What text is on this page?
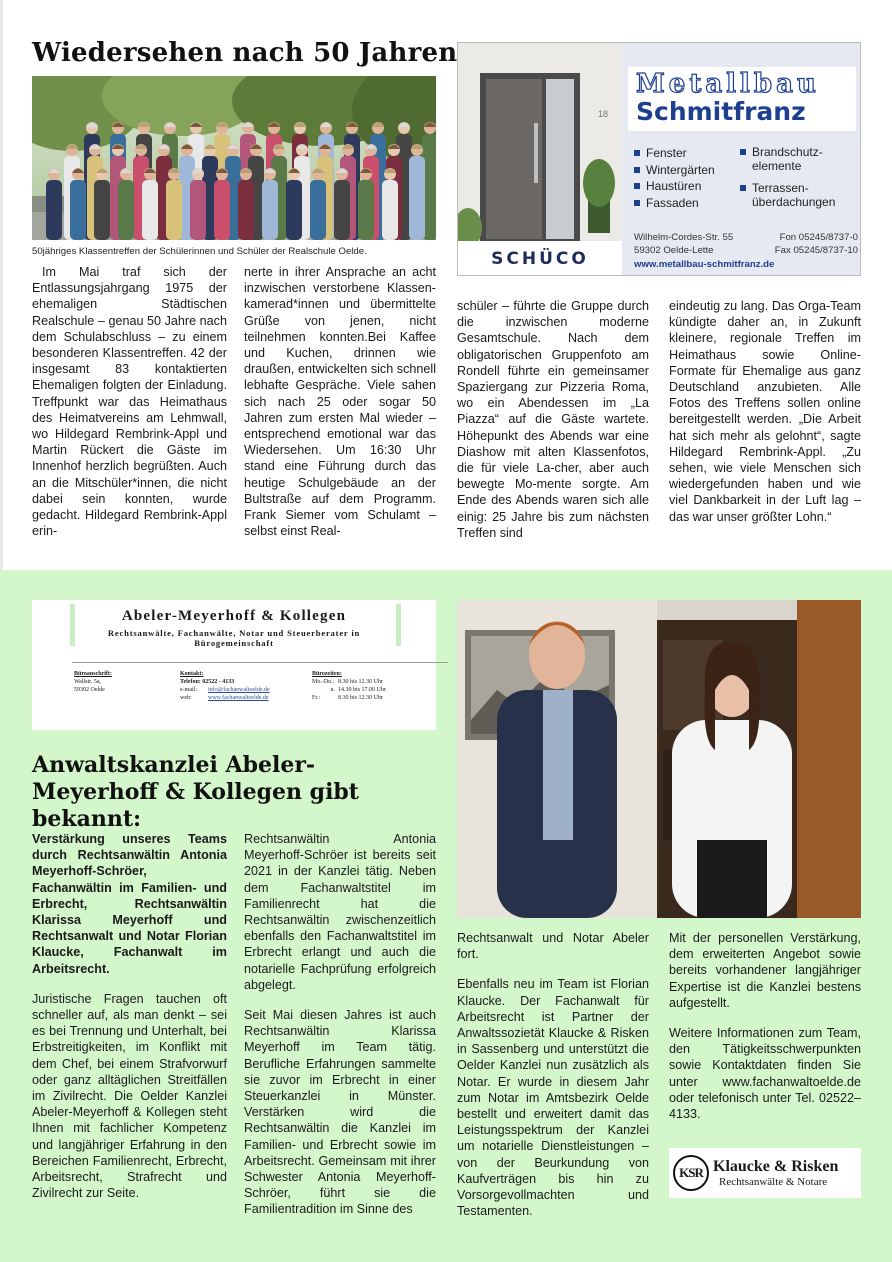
Wiedersehen nach 50 Jahren
50jähriges Klassentreffen der Schülerinnen und Schüler der Realschule Oelde.

Im Mai traf sich der Entlassungsjahrgang 1975 der ehemaligen Städtischen Realschule – genau 50 Jahre nach dem Schulabschluss – zu einem besonderen Klassentreffen. 42 der insgesamt 83 kontaktierten Ehemaligen folgten der Einladung. Treffpunkt war das Heimathaus des Heimatvereins am Lehmwall, wo Hildegard Rembrink-Appl und Martin Rückert die Gäste im Innenhof herzlich begrüßten. Auch an die Mitschüler*innen, die nicht dabei sein konnten, wurde gedacht. Hildegard Rembrink-Appl erin-

nerte in ihrer Ansprache an acht inzwischen verstorbene Klassen-kamerad*innen und übermittelte Grüße von jenen, nicht teilnehmen konnten.Bei Kaffee und Kuchen, drinnen wie draußen, entwickelten sich schnell lebhafte Gespräche. Viele sahen sich nach 25 oder sogar 50 Jahren zum ersten Mal wieder – entsprechend emotional war das Wiedersehen. Um 16:30 Uhr stand eine Führung durch das heutige Schulgebäude an der Bultstraße auf dem Programm. Frank Siemer vom Schulamt – selbst einst Real-

schüler – führte die Gruppe durch die inzwischen moderne Gesamtschule. Nach dem obligatorischen Gruppenfoto am Rondell führte ein gemeinsamer Spaziergang zur Pizzeria Roma, wo ein Abendessen im „La Piazza“ auf die Gäste wartete. Höhepunkt des Abends war eine Diashow mit alten Klassenfotos, die für viele La-cher, aber auch bewegte Mo-mente sorgte. Am Ende des Abends waren sich alle einig: 25 Jahre bis zum nächsten Treffen sind

eindeutig zu lang. Das Orga-Team kündigte daher an, in Zukunft kleinere, regionale Treffen im Heimathaus sowie Online-Formate für Ehemalige aus ganz Deutschland anzubieten. Alle Fotos des Treffens sollen online bereitgestellt werden. „Die Arbeit hat sich mehr als gelohnt“, sagte Hildegard Rembrink-Appl. „Zu sehen, wie viele Menschen sich wiedergefunden haben und wie viel Dankbarkeit in der Luft lag – das war unser größter Lohn.“

18
SCHÜCO
Metallbau
Schmitfranz
Fenster
Wintergärten
Haustüren
Fassaden
Brandschutz-
elemente
Terrassen-
überdachungen
Wilhelm-Cordes-Str. 55	Fon 05245/8737-0
59302 Oelde-Lette	Fax 05245/8737-10
www.metallbau-schmitfranz.de
Abeler-Meyerhoff & Kollegen
Rechtsanwälte, Fachanwälte, Notar und Steuerberater in Bürogemeinschaft
Büroanschrift:
Wallstr. 5a,
59302 Oelde
Kontakt:
Telefon: 02522 - 4133
e-mail: info@fachanwaltoelde.de
web:	www.fachanwaltoelde.de
Bürozeiten:
Mo.-Do.: 8.30 bis 12.30 Uhr
u. 14.30 bis 17.00 Uhr
Fr.:	8.30 bis 12.30 Uhr
Anwaltskanzlei Abeler-Meyerhoff & Kollegen gibt bekannt:

Verstärkung unseres Teams durch Rechtsanwältin Antonia Meyerhoff-Schröer, Fachanwältin im Familien- und Erbrecht, Rechtsanwältin Klarissa Meyerhoff und Rechtsanwalt und Notar Florian Klaucke, Fachanwalt im Arbeitsrecht.

Juristische Fragen tauchen oft schneller auf, als man denkt – sei es bei Trennung und Unterhalt, bei Erbstreitigkeiten, im Konflikt mit dem Chef, bei einem Strafvorwurf oder ganz alltäglichen Streitfällen im Zivilrecht. Die Oelder Kanzlei Abeler-Meyerhoff & Kollegen steht Ihnen mit fachlicher Kompetenz und langjähriger Erfahrung in den Bereichen Familienrecht, Erbrecht, Arbeitsrecht, Strafrecht und Zivilrecht zur Seite.

Rechtsanwältin Antonia Meyerhoff-Schröer ist bereits seit 2021 in der Kanzlei tätig. Neben dem Fachanwaltstitel im Familienrecht hat die Rechtsanwältin zwischenzeitlich ebenfalls den Fachanwaltstitel im Erbrecht erlangt und auch die notarielle Fachprüfung erfolgreich abgelegt.

Seit Mai diesen Jahres ist auch Rechtsanwältin Klarissa Meyerhoff im Team tätig. Berufliche Erfahrungen sammelte sie zuvor im Erbrecht in einer Steuerkanzlei in Münster. Verstärken wird die Rechtsanwältin die Kanzlei im Familien- und Erbrecht sowie im Arbeitsrecht. Gemeinsam mit ihrer Schwester Antonia Meyerhoff-Schröer, führt sie die Familientradition im Sinne des

Rechtsanwalt und Notar Abeler fort.

Ebenfalls neu im Team ist Florian Klaucke. Der Fachanwalt für Arbeitsrecht ist Partner der Anwaltssozietät Klaucke & Risken in Sassenberg und unterstützt die Oelder Kanzlei nun zusätzlich als Notar. Er wurde in diesem Jahr zum Notar im Amtsbezirk Oelde bestellt und erweitert damit das Leistungsspektrum der Kanzlei um notarielle Dienstleistungen – von der Beurkundung von Kaufverträgen bis hin zu Vorsorgevollmachten und Testamenten.

Mit der personellen Verstärkung, dem erweiterten Angebot sowie bereits vorhandener langjähriger Expertise ist die Kanzlei bestens aufgestellt.

Weitere Informationen zum Team, den Tätigkeitsschwerpunkten sowie Kontaktdaten finden Sie unter www.fachanwaltoelde.de oder telefonisch unter Tel. 02522– 4133.

KSR Klaucke & Risken
Rechtsanwälte & Notare
